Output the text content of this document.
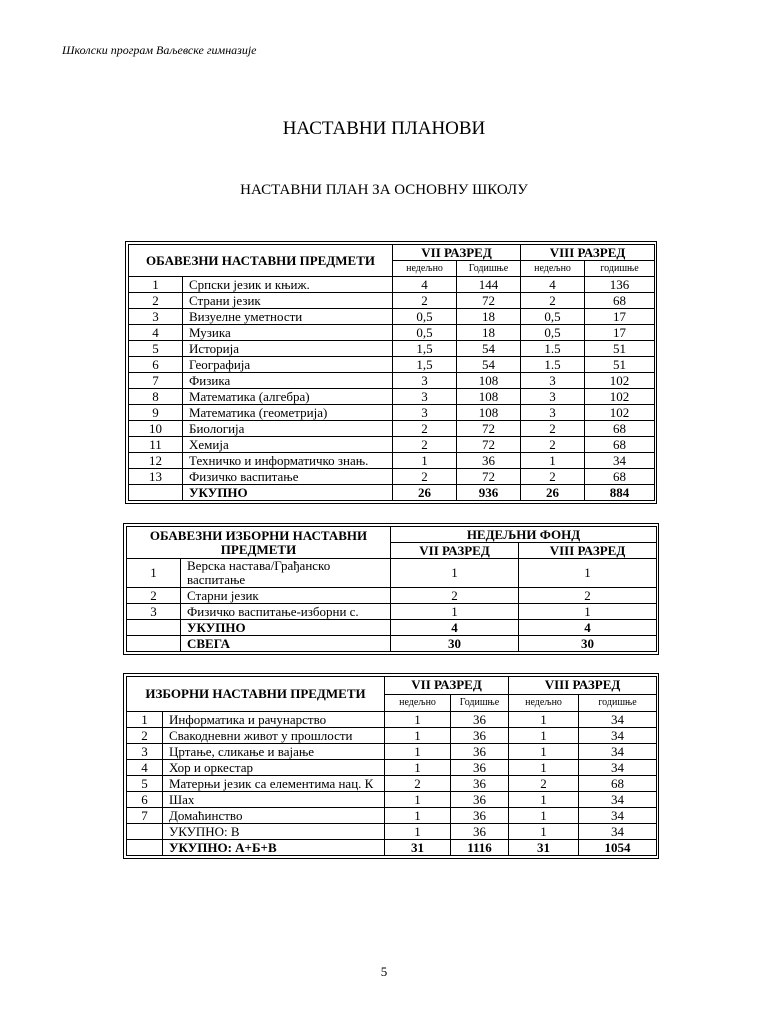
Школски програм Ваљевске гимназије
НАСТАВНИ ПЛАНОВИ
НАСТАВНИ ПЛАН ЗА ОСНОВНУ ШКОЛУ
ОБАВЕЗНИ НАСТАВНИ ПРЕДМЕТИ		VII РАЗРЕД		VIII РАЗРЕД	
		недељно	Годишње	недељно	годишње
1	Српски језик и књиж.	4	144	4	136
2	Страни језик	2	72	2	68
3	Визуелне уметности	0,5	18	0,5	17
4	Музика	0,5	18	0,5	17
5	Историја	1,5	54	1.5	51
6	Географија	1,5	54	1.5	51
7	Физика	3	108	3	102
8	Математика (алгебра)	3	108	3	102
9	Математика (геометрија)	3	108	3	102
10	Биологија	2	72	2	68
11	Хемија	2	72	2	68
12	Техничко и информатичко знањ.	1	36	1	34
13	Физичко васпитање	2	72	2	68
	УКУПНО	26	936	26	884
ОБАВЕЗНИ ИЗБОРНИ НАСТАВНИ ПРЕДМЕТИ		НЕДЕЉНИ ФОНД	
		VII РАЗРЕД	VIII РАЗРЕД
1	Верска настава/Грађанско васпитање	1	1
2	Старни језик	2	2
3	Физичко васпитање-изборни с.	1	1
	УКУПНО	4	4
	СВЕГА	30	30
ИЗБОРНИ НАСТАВНИ ПРЕДМЕТИ		VII РАЗРЕД		VIII РАЗРЕД	
		недељно	Годишње	недељно	годишње
1	Информатика и рачунарство	1	36	1	34
2	Свакодневни живот у прошлости	1	36	1	34
3	Цртање, сликање и вајање	1	36	1	34
4	Хор и оркестар	1	36	1	34
5	Матерњи језик са елементима нац. К	2	36	2	68
6	Шах	1	36	1	34
7	Домаћинство	1	36	1	34
	УКУПНО: В	1	36	1	34
	УКУПНО: А+Б+В	31	1116	31	1054
5
